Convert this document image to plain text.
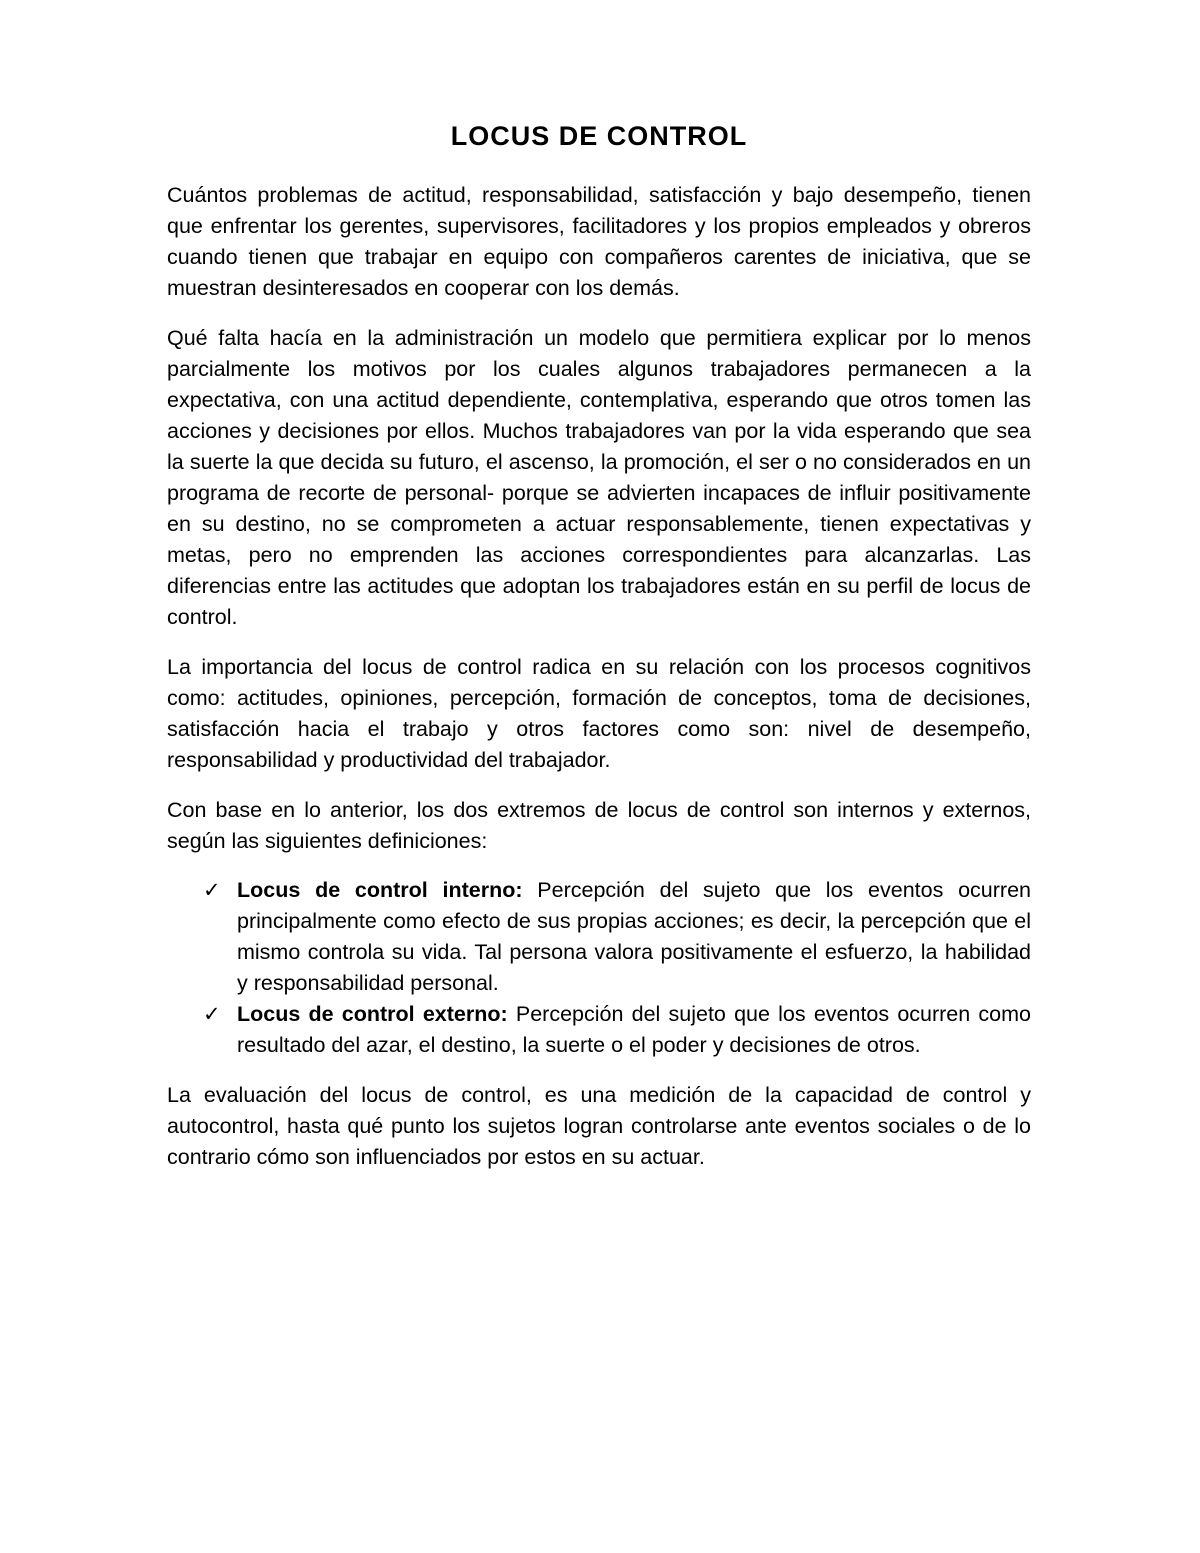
LOCUS DE CONTROL

Cuántos problemas de actitud, responsabilidad, satisfacción y bajo desempeño, tienen que enfrentar los gerentes, supervisores, facilitadores y los propios empleados y obreros cuando tienen que trabajar en equipo con compañeros carentes de iniciativa, que se muestran desinteresados en cooperar con los demás.

Qué falta hacía en la administración un modelo que permitiera explicar por lo menos parcialmente los motivos por los cuales algunos trabajadores permanecen a la expectativa, con una actitud dependiente, contemplativa, esperando que otros tomen las acciones y decisiones por ellos. Muchos trabajadores van por la vida esperando que sea la suerte la que decida su futuro, el ascenso, la promoción, el ser o no considerados en un programa de recorte de personal- porque se advierten incapaces de influir positivamente en su destino, no se comprometen a actuar responsablemente, tienen expectativas y metas, pero no emprenden las acciones correspondientes para alcanzarlas. Las diferencias entre las actitudes que adoptan los trabajadores están en su perfil de locus de control.

La importancia del locus de control radica en su relación con los procesos cognitivos como: actitudes, opiniones, percepción, formación de conceptos, toma de decisiones, satisfacción hacia el trabajo y otros factores como son: nivel de desempeño, responsabilidad y productividad del trabajador.

Con base en lo anterior, los dos extremos de locus de control son internos y externos, según las siguientes definiciones:

✓ Locus de control interno: Percepción del sujeto que los eventos ocurren principalmente como efecto de sus propias acciones; es decir, la percepción que el mismo controla su vida. Tal persona valora positivamente el esfuerzo, la habilidad y responsabilidad personal.
✓ Locus de control externo: Percepción del sujeto que los eventos ocurren como resultado del azar, el destino, la suerte o el poder y decisiones de otros.

La evaluación del locus de control, es una medición de la capacidad de control y autocontrol, hasta qué punto los sujetos logran controlarse ante eventos sociales o de lo contrario cómo son influenciados por estos en su actuar.
